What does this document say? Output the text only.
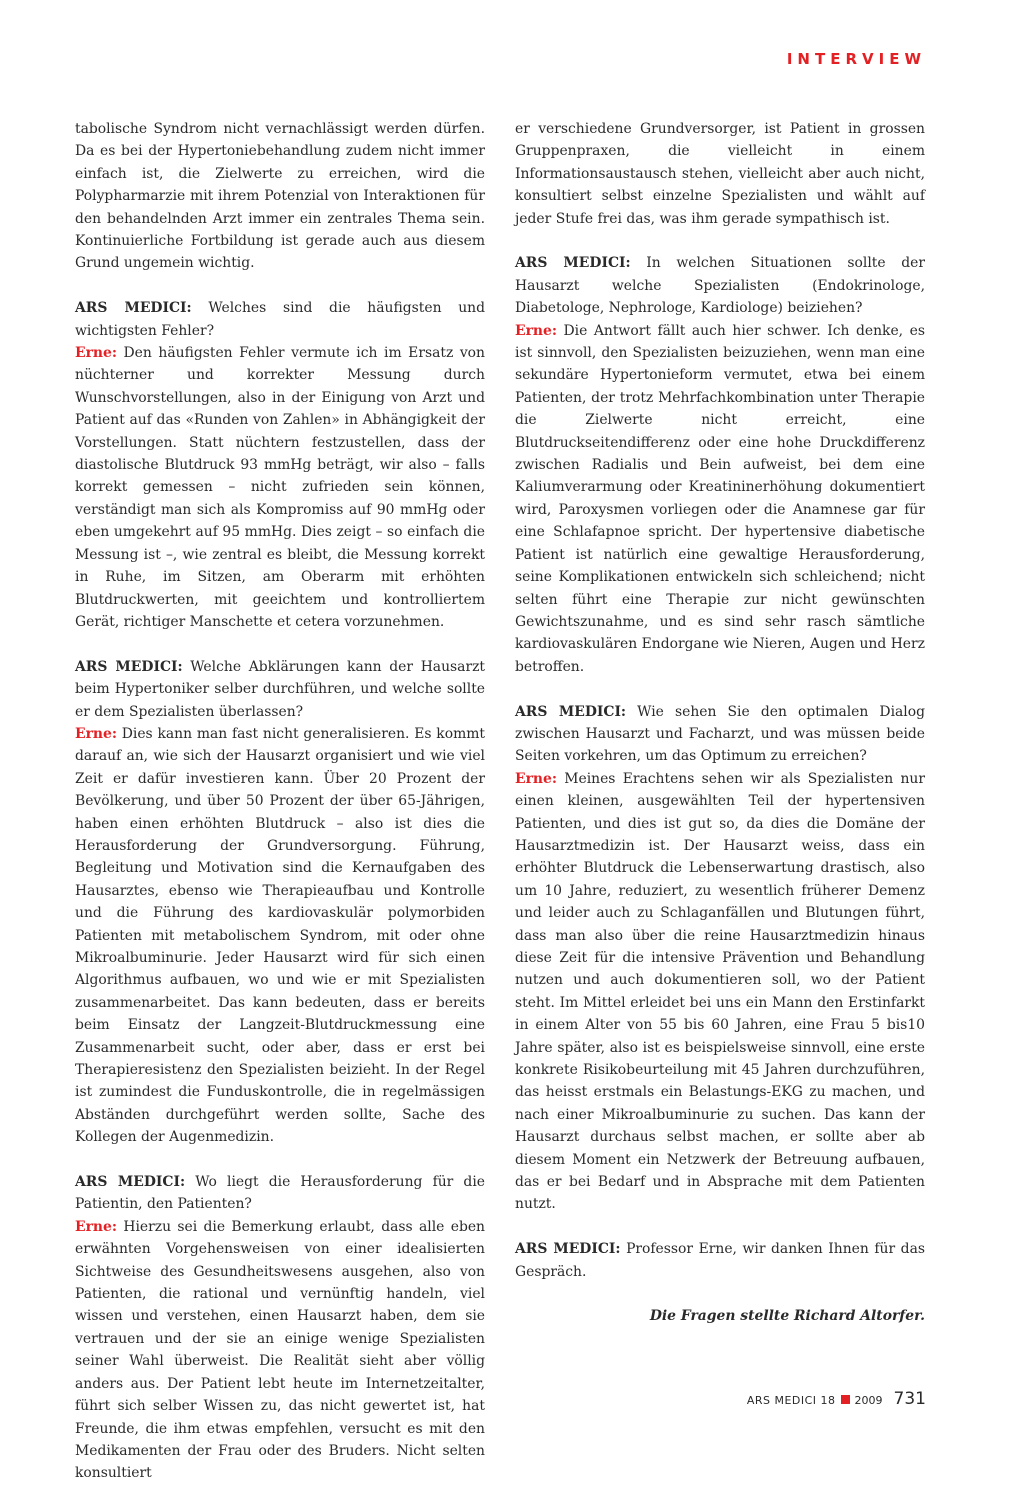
INTERVIEW

tabolische Syndrom nicht vernachlässigt werden dürfen. Da es bei der Hypertoniebehandlung zudem nicht immer einfach ist, die Zielwerte zu erreichen, wird die Polypharmarzie mit ihrem Potenzial von Interaktionen für den behandelnden Arzt immer ein zentrales Thema sein. Kontinuierliche Fortbildung ist gerade auch aus diesem Grund ungemein wichtig.

ARS MEDICI: Welches sind die häufigsten und wichtigsten Fehler?

Erne: Den häufigsten Fehler vermute ich im Ersatz von nüchterner und korrekter Messung durch Wunschvorstellungen, also in der Einigung von Arzt und Patient auf das «Runden von Zahlen» in Abhängigkeit der Vorstellungen. Statt nüchtern festzustellen, dass der diastolische Blutdruck 93 mmHg beträgt, wir also – falls korrekt gemessen – nicht zufrieden sein können, verständigt man sich als Kompromiss auf 90 mmHg oder eben umgekehrt auf 95 mmHg. Dies zeigt – so einfach die Messung ist –, wie zentral es bleibt, die Messung korrekt in Ruhe, im Sitzen, am Oberarm mit erhöhten Blutdruckwerten, mit geeichtem und kontrolliertem Gerät, richtiger Manschette et cetera vorzunehmen.

ARS MEDICI: Welche Abklärungen kann der Hausarzt beim Hypertoniker selber durchführen, und welche sollte er dem Spezialisten überlassen?

Erne: Dies kann man fast nicht generalisieren. Es kommt darauf an, wie sich der Hausarzt organisiert und wie viel Zeit er dafür investieren kann. Über 20 Prozent der Bevölkerung, und über 50 Prozent der über 65-Jährigen, haben einen erhöhten Blutdruck – also ist dies die Herausforderung der Grundversorgung. Führung, Begleitung und Motivation sind die Kernaufgaben des Hausarztes, ebenso wie Therapieaufbau und Kontrolle und die Führung des kardiovaskulär polymorbiden Patienten mit metabolischem Syndrom, mit oder ohne Mikroalbuminurie. Jeder Hausarzt wird für sich einen Algorithmus aufbauen, wo und wie er mit Spezialisten zusammenarbeitet. Das kann bedeuten, dass er bereits beim Einsatz der Langzeit-Blutdruckmessung eine Zusammenarbeit sucht, oder aber, dass er erst bei Therapieresistenz den Spezialisten beizieht. In der Regel ist zumindest die Funduskontrolle, die in regelmässigen Abständen durchgeführt werden sollte, Sache des Kollegen der Augenmedizin.

ARS MEDICI: Wo liegt die Herausforderung für die Patientin, den Patienten?

Erne: Hierzu sei die Bemerkung erlaubt, dass alle eben erwähnten Vorgehensweisen von einer idealisierten Sichtweise des Gesundheitswesens ausgehen, also von Patienten, die rational und vernünftig handeln, viel wissen und verstehen, einen Hausarzt haben, dem sie vertrauen und der sie an einige wenige Spezialisten seiner Wahl überweist. Die Realität sieht aber völlig anders aus. Der Patient lebt heute im Internetzeitalter, führt sich selber Wissen zu, das nicht gewertet ist, hat Freunde, die ihm etwas empfehlen, versucht es mit den Medikamenten der Frau oder des Bruders. Nicht selten konsultiert

er verschiedene Grundversorger, ist Patient in grossen Gruppenpraxen, die vielleicht in einem Informationsaustausch stehen, vielleicht aber auch nicht, konsultiert selbst einzelne Spezialisten und wählt auf jeder Stufe frei das, was ihm gerade sympathisch ist.

ARS MEDICI: In welchen Situationen sollte der Hausarzt welche Spezialisten (Endokrinologe, Diabetologe, Nephrologe, Kardiologe) beiziehen?

Erne: Die Antwort fällt auch hier schwer. Ich denke, es ist sinnvoll, den Spezialisten beizuziehen, wenn man eine sekundäre Hypertonieform vermutet, etwa bei einem Patienten, der trotz Mehrfachkombination unter Therapie die Zielwerte nicht erreicht, eine Blutdruckseitendifferenz oder eine hohe Druckdifferenz zwischen Radialis und Bein aufweist, bei dem eine Kaliumverarmung oder Kreatininerhöhung dokumentiert wird, Paroxysmen vorliegen oder die Anamnese gar für eine Schlafapnoe spricht. Der hypertensive diabetische Patient ist natürlich eine gewaltige Herausforderung, seine Komplikationen entwickeln sich schleichend; nicht selten führt eine Therapie zur nicht gewünschten Gewichtszunahme, und es sind sehr rasch sämtliche kardiovaskulären Endorgane wie Nieren, Augen und Herz betroffen.

ARS MEDICI: Wie sehen Sie den optimalen Dialog zwischen Hausarzt und Facharzt, und was müssen beide Seiten vorkehren, um das Optimum zu erreichen?

Erne: Meines Erachtens sehen wir als Spezialisten nur einen kleinen, ausgewählten Teil der hypertensiven Patienten, und dies ist gut so, da dies die Domäne der Hausarztmedizin ist. Der Hausarzt weiss, dass ein erhöhter Blutdruck die Lebenserwartung drastisch, also um 10 Jahre, reduziert, zu wesentlich früherer Demenz und leider auch zu Schlaganfällen und Blutungen führt, dass man also über die reine Hausarztmedizin hinaus diese Zeit für die intensive Prävention und Behandlung nutzen und auch dokumentieren soll, wo der Patient steht. Im Mittel erleidet bei uns ein Mann den Erstinfarkt in einem Alter von 55 bis 60 Jahren, eine Frau 5 bis10 Jahre später, also ist es beispielsweise sinnvoll, eine erste konkrete Risikobeurteilung mit 45 Jahren durchzuführen, das heisst erstmals ein Belastungs-EKG zu machen, und nach einer Mikroalbuminurie zu suchen. Das kann der Hausarzt durchaus selbst machen, er sollte aber ab diesem Moment ein Netzwerk der Betreuung aufbauen, das er bei Bedarf und in Absprache mit dem Patienten nutzt.

ARS MEDICI: Professor Erne, wir danken Ihnen für das Gespräch.

Die Fragen stellte Richard Altorfer.

ARS MEDICI 18 2009 731
